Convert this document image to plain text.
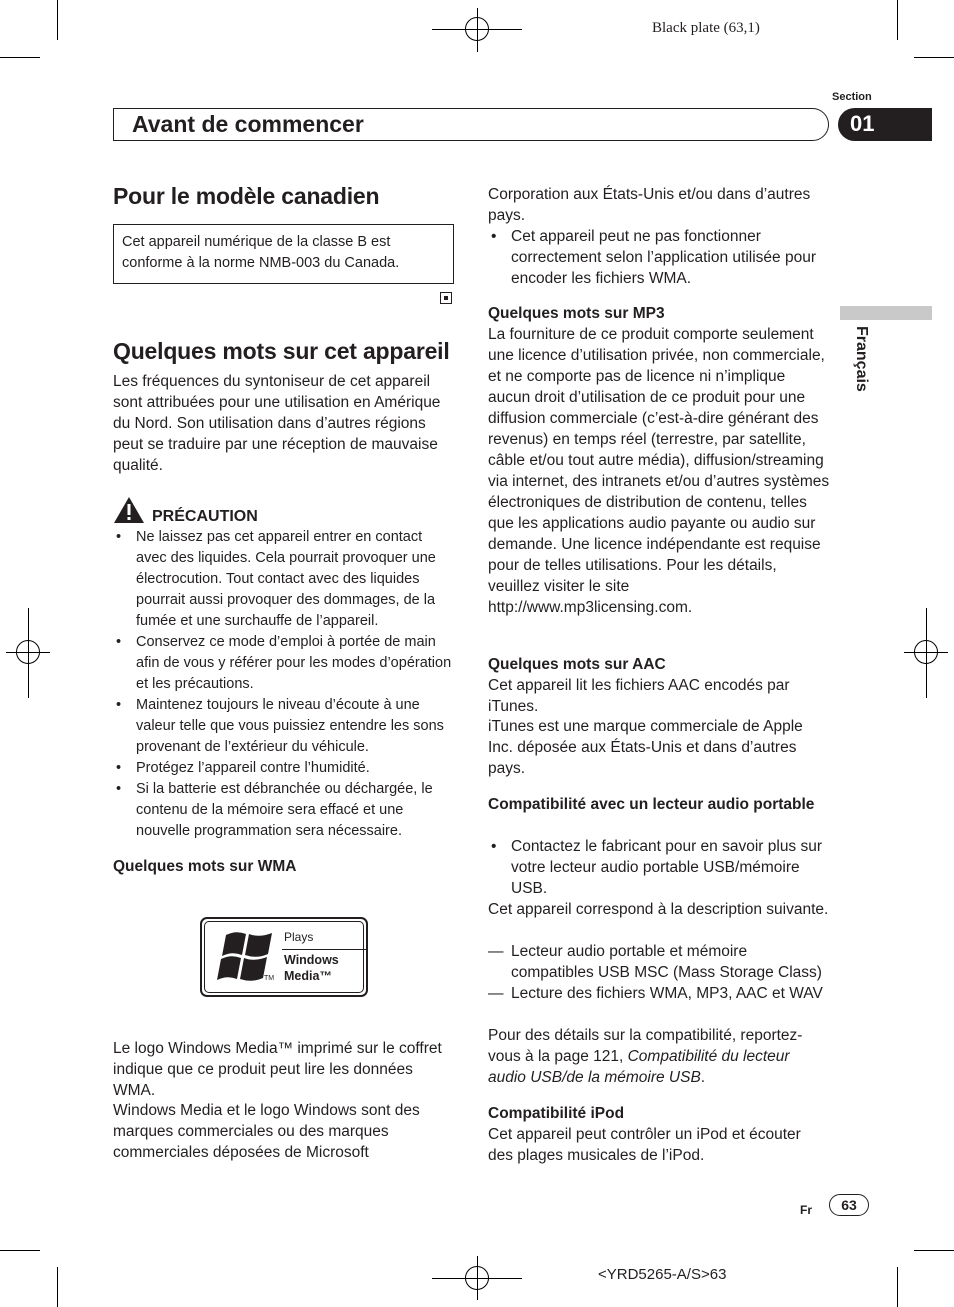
Black plate (63,1)
Section
Avant de commencer	01
Français
Pour le modèle canadien
Cet appareil numérique de la classe B est conforme à la norme NMB-003 du Canada.
Quelques mots sur cet appareil
Les fréquences du syntoniseur de cet appareil sont attribuées pour une utilisation en Amérique du Nord. Son utilisation dans d’autres régions peut se traduire par une réception de mauvaise qualité.
PRÉCAUTION
• Ne laissez pas cet appareil entrer en contact avec des liquides. Cela pourrait provoquer une électrocution. Tout contact avec des liquides pourrait aussi provoquer des dommages, de la fumée et une surchauffe de l’appareil.
• Conservez ce mode d’emploi à portée de main afin de vous y référer pour les modes d’opération et les précautions.
• Maintenez toujours le niveau d’écoute à une valeur telle que vous puissiez entendre les sons provenant de l’extérieur du véhicule.
• Protégez l’appareil contre l’humidité.
• Si la batterie est débranchée ou déchargée, le contenu de la mémoire sera effacé et une nouvelle programmation sera nécessaire.
Quelques mots sur WMA
TM
Plays
Windows
Media™
Le logo Windows Media™ imprimé sur le coffret indique que ce produit peut lire les données WMA.
Windows Media et le logo Windows sont des marques commerciales ou des marques commerciales déposées de Microsoft
Corporation aux États-Unis et/ou dans d’autres pays.
• Cet appareil peut ne pas fonctionner correctement selon l’application utilisée pour encoder les fichiers WMA.
Quelques mots sur MP3
La fourniture de ce produit comporte seulement une licence d’utilisation privée, non commerciale, et ne comporte pas de licence ni n’implique aucun droit d’utilisation de ce produit pour une diffusion commerciale (c’est-à-dire générant des revenus) en temps réel (terrestre, par satellite, câble et/ou tout autre média), diffusion/streaming via internet, des intranets et/ou d’autres systèmes électroniques de distribution de contenu, telles que les applications audio payante ou audio sur demande. Une licence indépendante est requise pour de telles utilisations. Pour les détails, veuillez visiter le site
http://www.mp3licensing.com.
Quelques mots sur AAC
Cet appareil lit les fichiers AAC encodés par iTunes.
iTunes est une marque commerciale de Apple Inc. déposée aux États-Unis et dans d’autres pays.
Compatibilité avec un lecteur audio portable
• Contactez le fabricant pour en savoir plus sur votre lecteur audio portable USB/mémoire USB.
Cet appareil correspond à la description suivante.
— Lecteur audio portable et mémoire compatibles USB MSC (Mass Storage Class)
— Lecture des fichiers WMA, MP3, AAC et WAV
Pour des détails sur la compatibilité, reportez-vous à la page 121, Compatibilité du lecteur audio USB/de la mémoire USB.
Compatibilité iPod
Cet appareil peut contrôler un iPod et écouter des plages musicales de l’iPod.
Fr	63
<YRD5265-A/S>63
